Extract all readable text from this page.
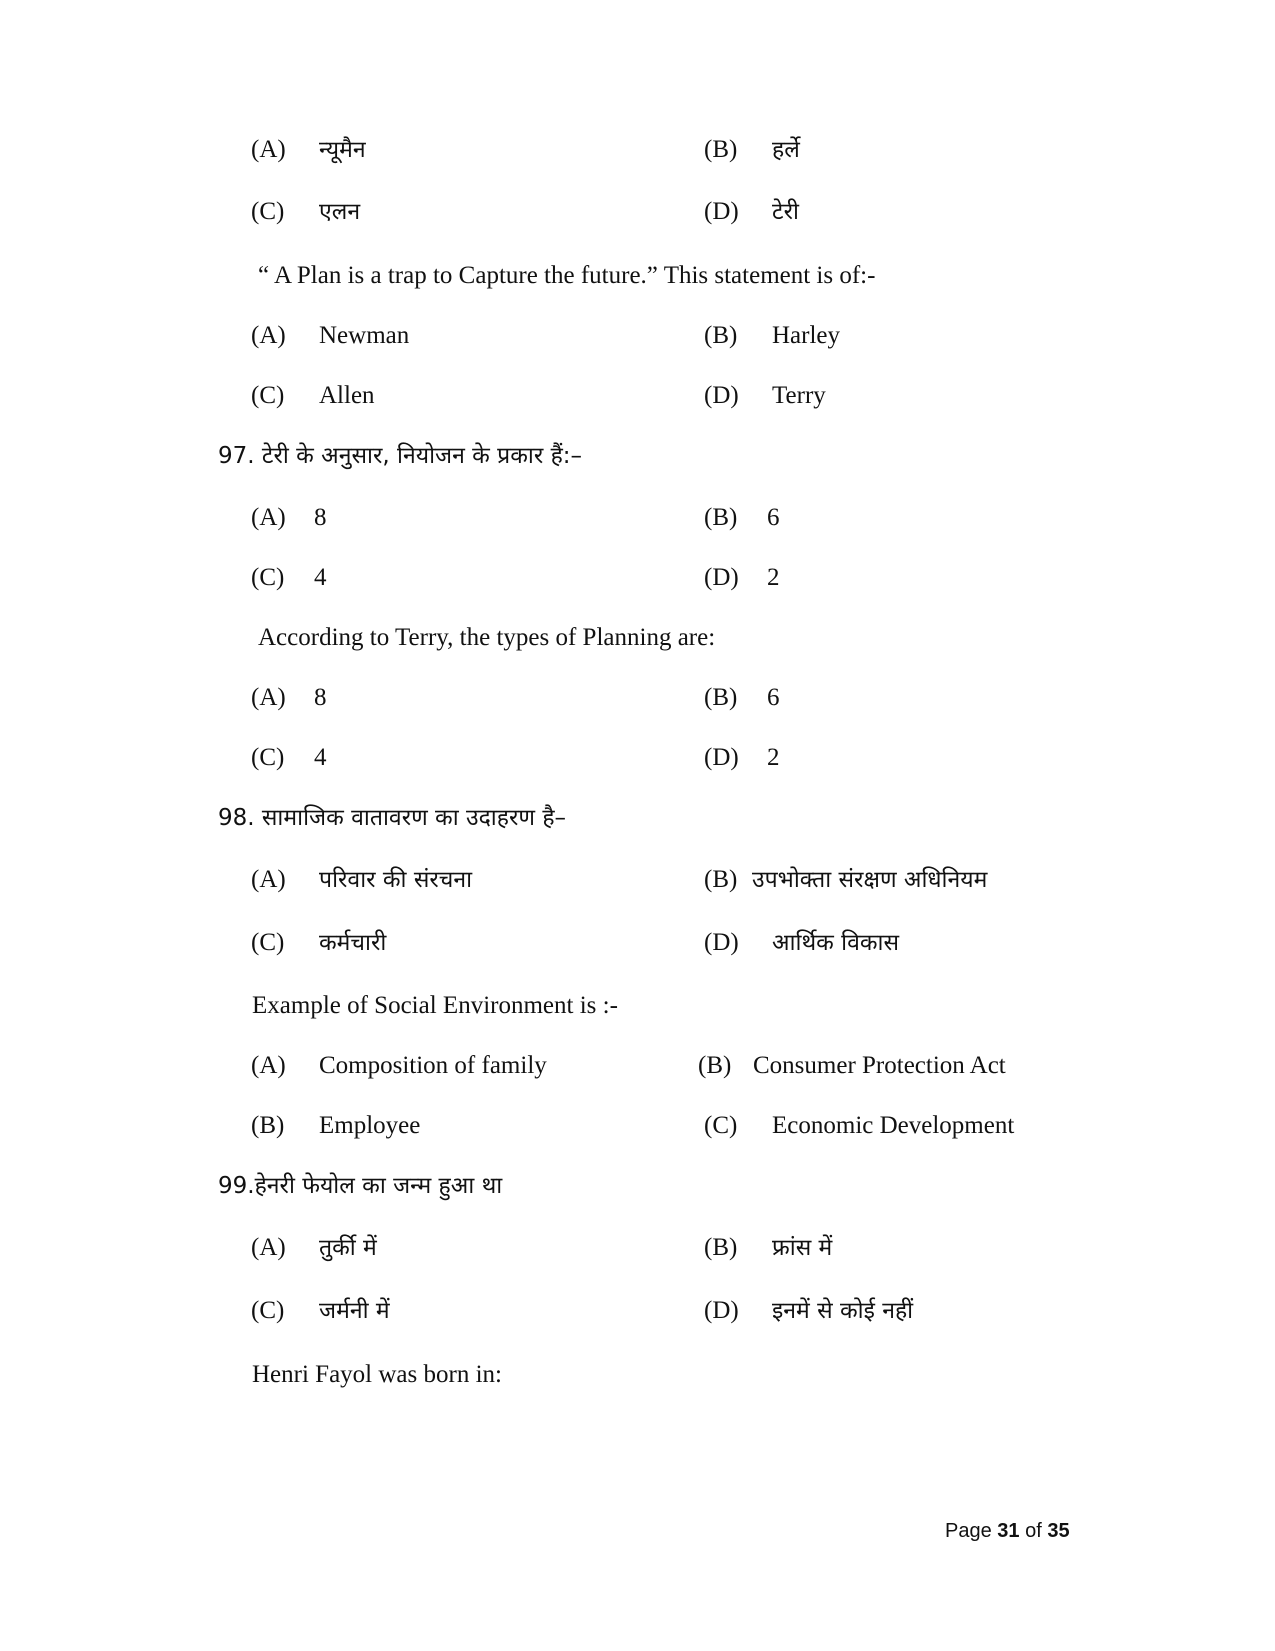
(A) न्यूमैन	(B) हर्ले
(C) एलन	(D) टेरी
“ A Plan is a trap to Capture the future.” This statement is of:-
(A) Newman	(B) Harley
(C) Allen	(D) Terry
97. टेरी के अनुसार, नियोजन के प्रकार हैं:–
(A) 8	(B) 6
(C) 4	(D) 2
According to Terry, the types of Planning are:
(A) 8	(B) 6
(C) 4	(D) 2
98. सामाजिक वातावरण का उदाहरण है–
(A) परिवार की संरचना	(B) उपभोक्ता संरक्षण अधिनियम
(C) कर्मचारी	(D) आर्थिक विकास
Example of Social Environment is :-
(A) Composition of family	(B) Consumer Protection Act
(B) Employee	(C) Economic Development
99.हेनरी फेयोल का जन्म हुआ था
(A) तुर्की में	(B) फ्रांस में
(C) जर्मनी में	(D) इनमें से कोई नहीं
Henri Fayol was born in:
Page 31 of 35
